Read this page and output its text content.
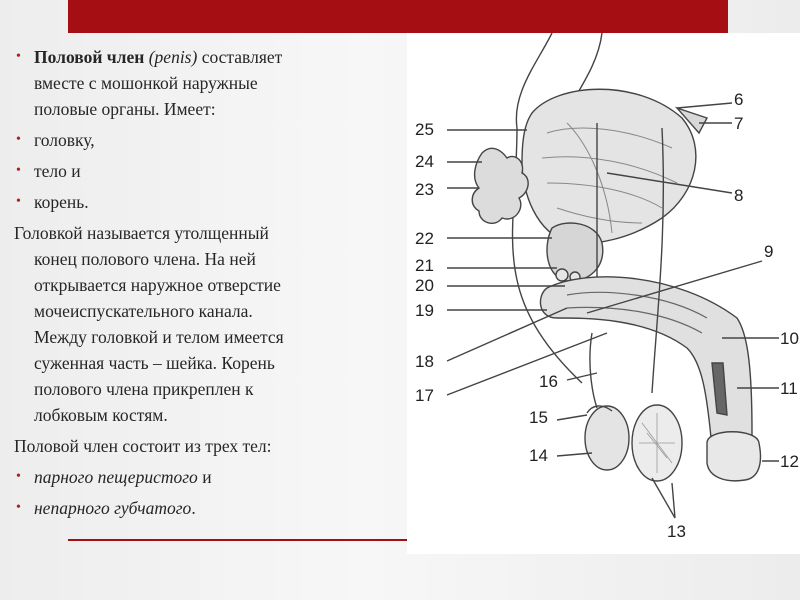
• Половой член (penis) составляет
вместе с мошонкой наружные
половые органы. Имеет:
• головку,
• тело и
• корень.
Головкой называется утолщенный
конец полового члена. На ней
открывается наружное отверстие
мочеиспускательного канала.
Между головкой и телом имеется
суженная часть – шейка. Корень
полового члена прикреплен к
лобковым костям.
Половой член состоит из трех тел:
• парного пещеристого и
• непарного губчатого.
25
24
23
22
21
20
19
18
17
16
15
14
13
12
11
10
9
8
7
6
